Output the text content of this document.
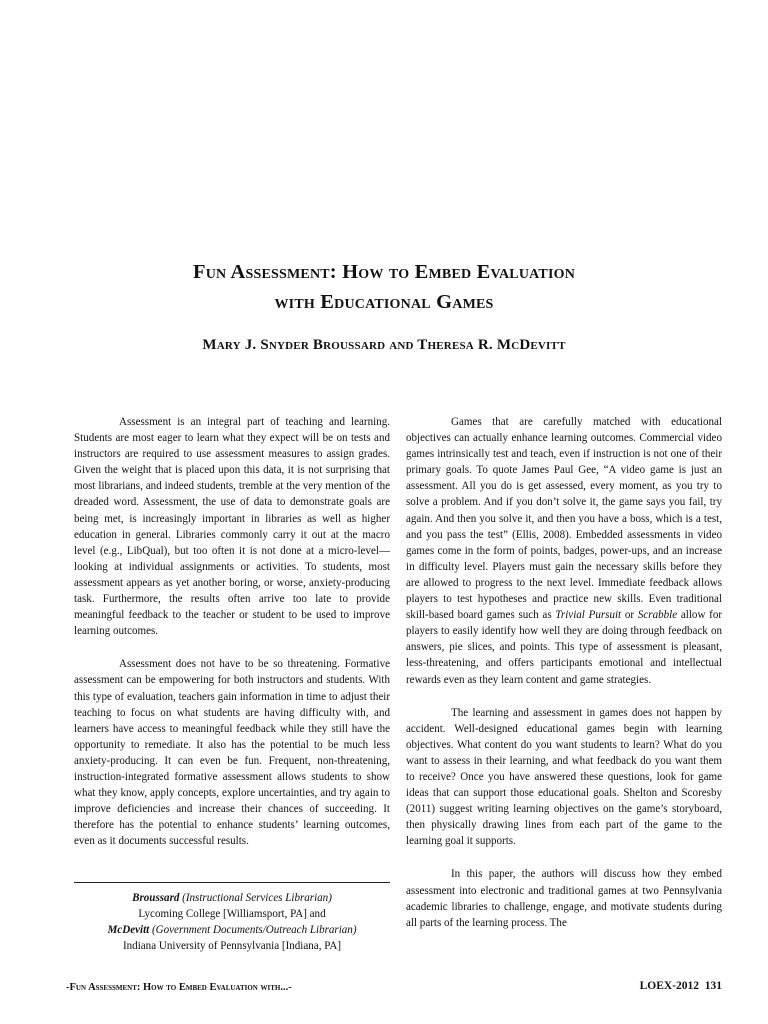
Fun Assessment: How to Embed Evaluation
with Educational Games
Mary J. Snyder Broussard and Theresa R. McDevitt

Assessment is an integral part of teaching and learning. Students are most eager to learn what they expect will be on tests and instructors are required to use assessment measures to assign grades. Given the weight that is placed upon this data, it is not surprising that most librarians, and indeed students, tremble at the very mention of the dreaded word. Assessment, the use of data to demonstrate goals are being met, is increasingly important in libraries as well as higher education in general. Libraries commonly carry it out at the macro level (e.g., LibQual), but too often it is not done at a micro-level—looking at individual assignments or activities. To students, most assessment appears as yet another boring, or worse, anxiety-producing task. Furthermore, the results often arrive too late to provide meaningful feedback to the teacher or student to be used to improve learning outcomes.

Assessment does not have to be so threatening. Formative assessment can be empowering for both instructors and students. With this type of evaluation, teachers gain information in time to adjust their teaching to focus on what students are having difficulty with, and learners have access to meaningful feedback while they still have the opportunity to remediate. It also has the potential to be much less anxiety-producing. It can even be fun. Frequent, non-threatening, instruction-integrated formative assessment allows students to show what they know, apply concepts, explore uncertainties, and try again to improve deficiencies and increase their chances of succeeding. It therefore has the potential to enhance students’ learning outcomes, even as it documents successful results.

Broussard (Instructional Services Librarian)
Lycoming College [Williamsport, PA] and
McDevitt (Government Documents/Outreach Librarian)
Indiana University of Pennsylvania [Indiana, PA]

Games that are carefully matched with educational objectives can actually enhance learning outcomes. Commercial video games intrinsically test and teach, even if instruction is not one of their primary goals. To quote James Paul Gee, “A video game is just an assessment. All you do is get assessed, every moment, as you try to solve a problem. And if you don’t solve it, the game says you fail, try again. And then you solve it, and then you have a boss, which is a test, and you pass the test” (Ellis, 2008). Embedded assessments in video games come in the form of points, badges, power-ups, and an increase in difficulty level. Players must gain the necessary skills before they are allowed to progress to the next level. Immediate feedback allows players to test hypotheses and practice new skills. Even traditional skill-based board games such as Trivial Pursuit or Scrabble allow for players to easily identify how well they are doing through feedback on answers, pie slices, and points. This type of assessment is pleasant, less-threatening, and offers participants emotional and intellectual rewards even as they learn content and game strategies.

The learning and assessment in games does not happen by accident. Well-designed educational games begin with learning objectives. What content do you want students to learn? What do you want to assess in their learning, and what feedback do you want them to receive? Once you have answered these questions, look for game ideas that can support those educational goals. Shelton and Scoresby (2011) suggest writing learning objectives on the game’s storyboard, then physically drawing lines from each part of the game to the learning goal it supports.

In this paper, the authors will discuss how they embed assessment into electronic and traditional games at two Pennsylvania academic libraries to challenge, engage, and motivate students during all parts of the learning process. The

-Fun Assessment: How to Embed Evaluation with...-	LOEX-2012 131
